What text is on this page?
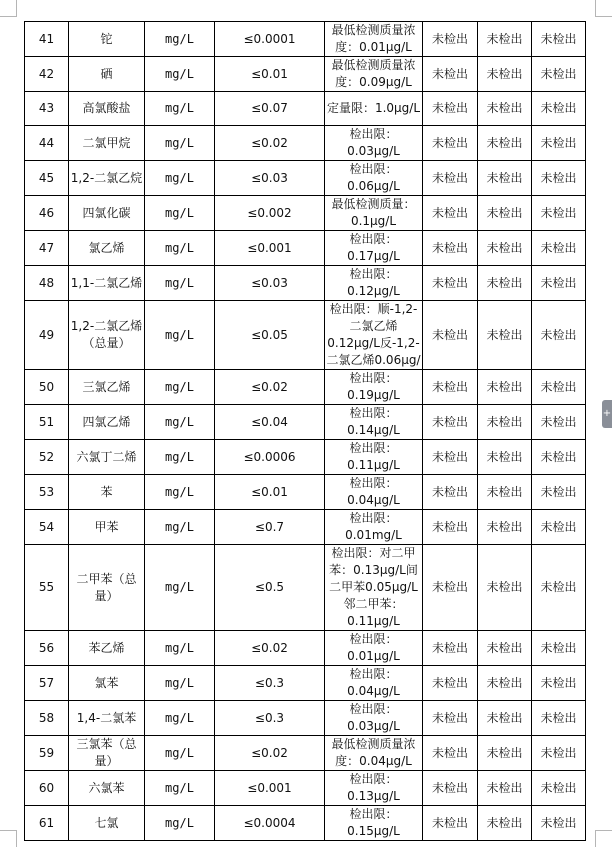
+
41	铊	mg/L	≤0.0001	最低检测质量浓度：0.01μg/L	未检出	未检出	未检出
42	硒	mg/L	≤0.01	最低检测质量浓度：0.09μg/L	未检出	未检出	未检出
43	高氯酸盐	mg/L	≤0.07	定量限：1.0μg/L	未检出	未检出	未检出
44	二氯甲烷	mg/L	≤0.02	检出限：0.03μg/L	未检出	未检出	未检出
45	1,2-二氯乙烷	mg/L	≤0.03	检出限：0.06μg/L	未检出	未检出	未检出
46	四氯化碳	mg/L	≤0.002	最低检测质量：0.1μg/L	未检出	未检出	未检出
47	氯乙烯	mg/L	≤0.001	检出限：0.17μg/L	未检出	未检出	未检出
48	1,1-二氯乙烯	mg/L	≤0.03	检出限：0.12μg/L	未检出	未检出	未检出
49	1,2-二氯乙烯（总量）	mg/L	≤0.05	检出限：顺-1,2-二氯乙烯0.12μg/L反-1,2-二氯乙烯0.06μg/	未检出	未检出	未检出
50	三氯乙烯	mg/L	≤0.02	检出限：0.19μg/L	未检出	未检出	未检出
51	四氯乙烯	mg/L	≤0.04	检出限：0.14μg/L	未检出	未检出	未检出
52	六氯丁二烯	mg/L	≤0.0006	检出限：0.11μg/L	未检出	未检出	未检出
53	苯	mg/L	≤0.01	检出限：0.04μg/L	未检出	未检出	未检出
54	甲苯	mg/L	≤0.7	检出限：0.01mg/L	未检出	未检出	未检出
55	二甲苯（总量）	mg/L	≤0.5	检出限：对二甲苯：0.13μg/L间二甲苯0.05μg/L邻二甲苯：0.11μg/L	未检出	未检出	未检出
56	苯乙烯	mg/L	≤0.02	检出限：0.01μg/L	未检出	未检出	未检出
57	氯苯	mg/L	≤0.3	检出限：0.04μg/L	未检出	未检出	未检出
58	1,4-二氯苯	mg/L	≤0.3	检出限：0.03μg/L	未检出	未检出	未检出
59	三氯苯（总量）	mg/L	≤0.02	最低检测质量浓度：0.04μg/L	未检出	未检出	未检出
60	六氯苯	mg/L	≤0.001	检出限：0.13μg/L	未检出	未检出	未检出
61	七氯	mg/L	≤0.0004	检出限：0.15μg/L	未检出	未检出	未检出
